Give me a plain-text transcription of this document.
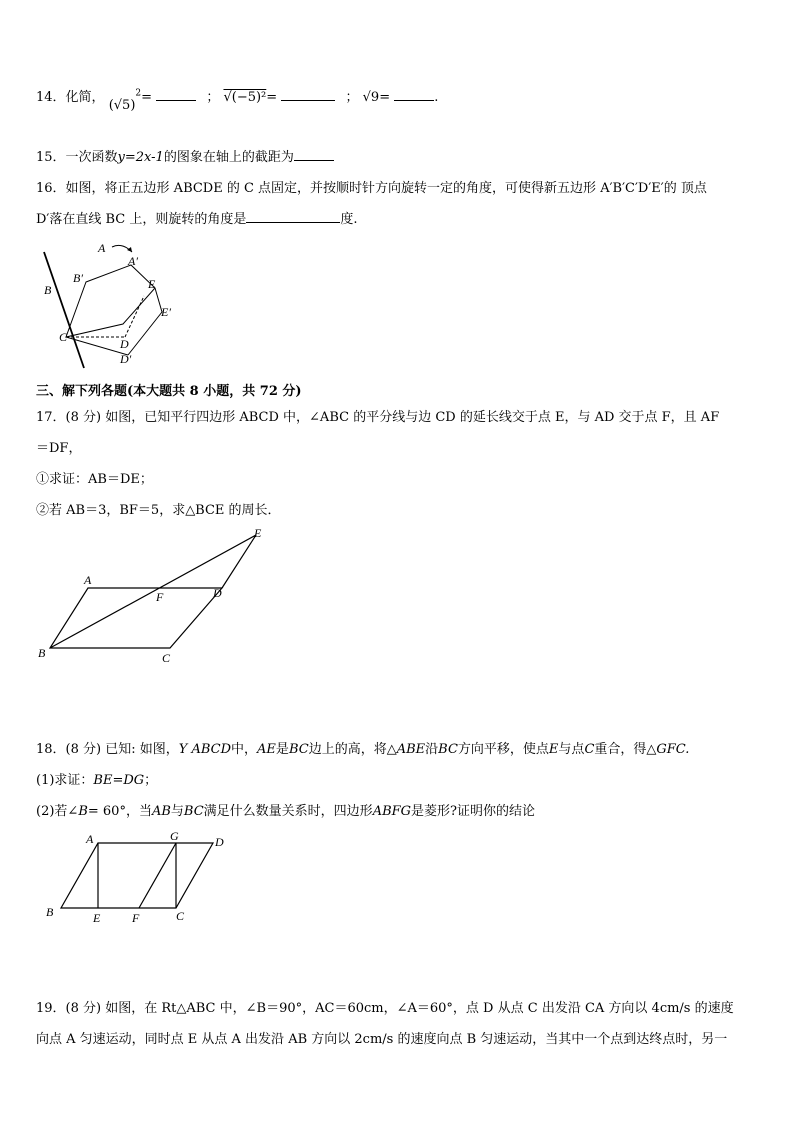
14．化简， $(√5)^2=$	； √(−5)²=	； √9=	.
15．一次函数y=2x-1的图象在轴上的截距为
16．如图，将正五边形 ABCDE 的 C 点固定，并按顺时针方向旋转一定的角度，可使得新五边形 A′B′C′D′E′的 顶点
D′落在直线 BC 上，则旋转的角度是	度.
A
A′
B
B′	E
E′
C	D
D′
三、解下列各题(本大题共 8 小题，共 72 分)
17．(8 分) 如图，已知平行四边形 ABCD 中，∠ABC 的平分线与边 CD 的延长线交于点 E，与 AD 交于点 F，且 AF
＝DF，
①求证：AB＝DE；
②若 AB＝3，BF＝5，求△BCE 的周长．
A
B	C
D
E
F
18．(8 分) 已知: 如图，Y ABCD中，AE是BC边上的高，将△ABE沿BC方向平移，使点E与点C重合，得△GFC.
(1)求证：BE=DG；
(2)若∠B= 60°，当AB与BC满足什么数量关系时，四边形ABFG是菱形?证明你的结论
A	G	D
B	E	F	C
19．(8 分) 如图，在 Rt△ABC 中，∠B＝90°，AC＝60cm，∠A＝60°，点 D 从点 C 出发沿 CA 方向以 4cm/s 的速度
向点 A 匀速运动，同时点 E 从点 A 出发沿 AB 方向以 2cm/s 的速度向点 B 匀速运动，当其中一个点到达终点时，另一
